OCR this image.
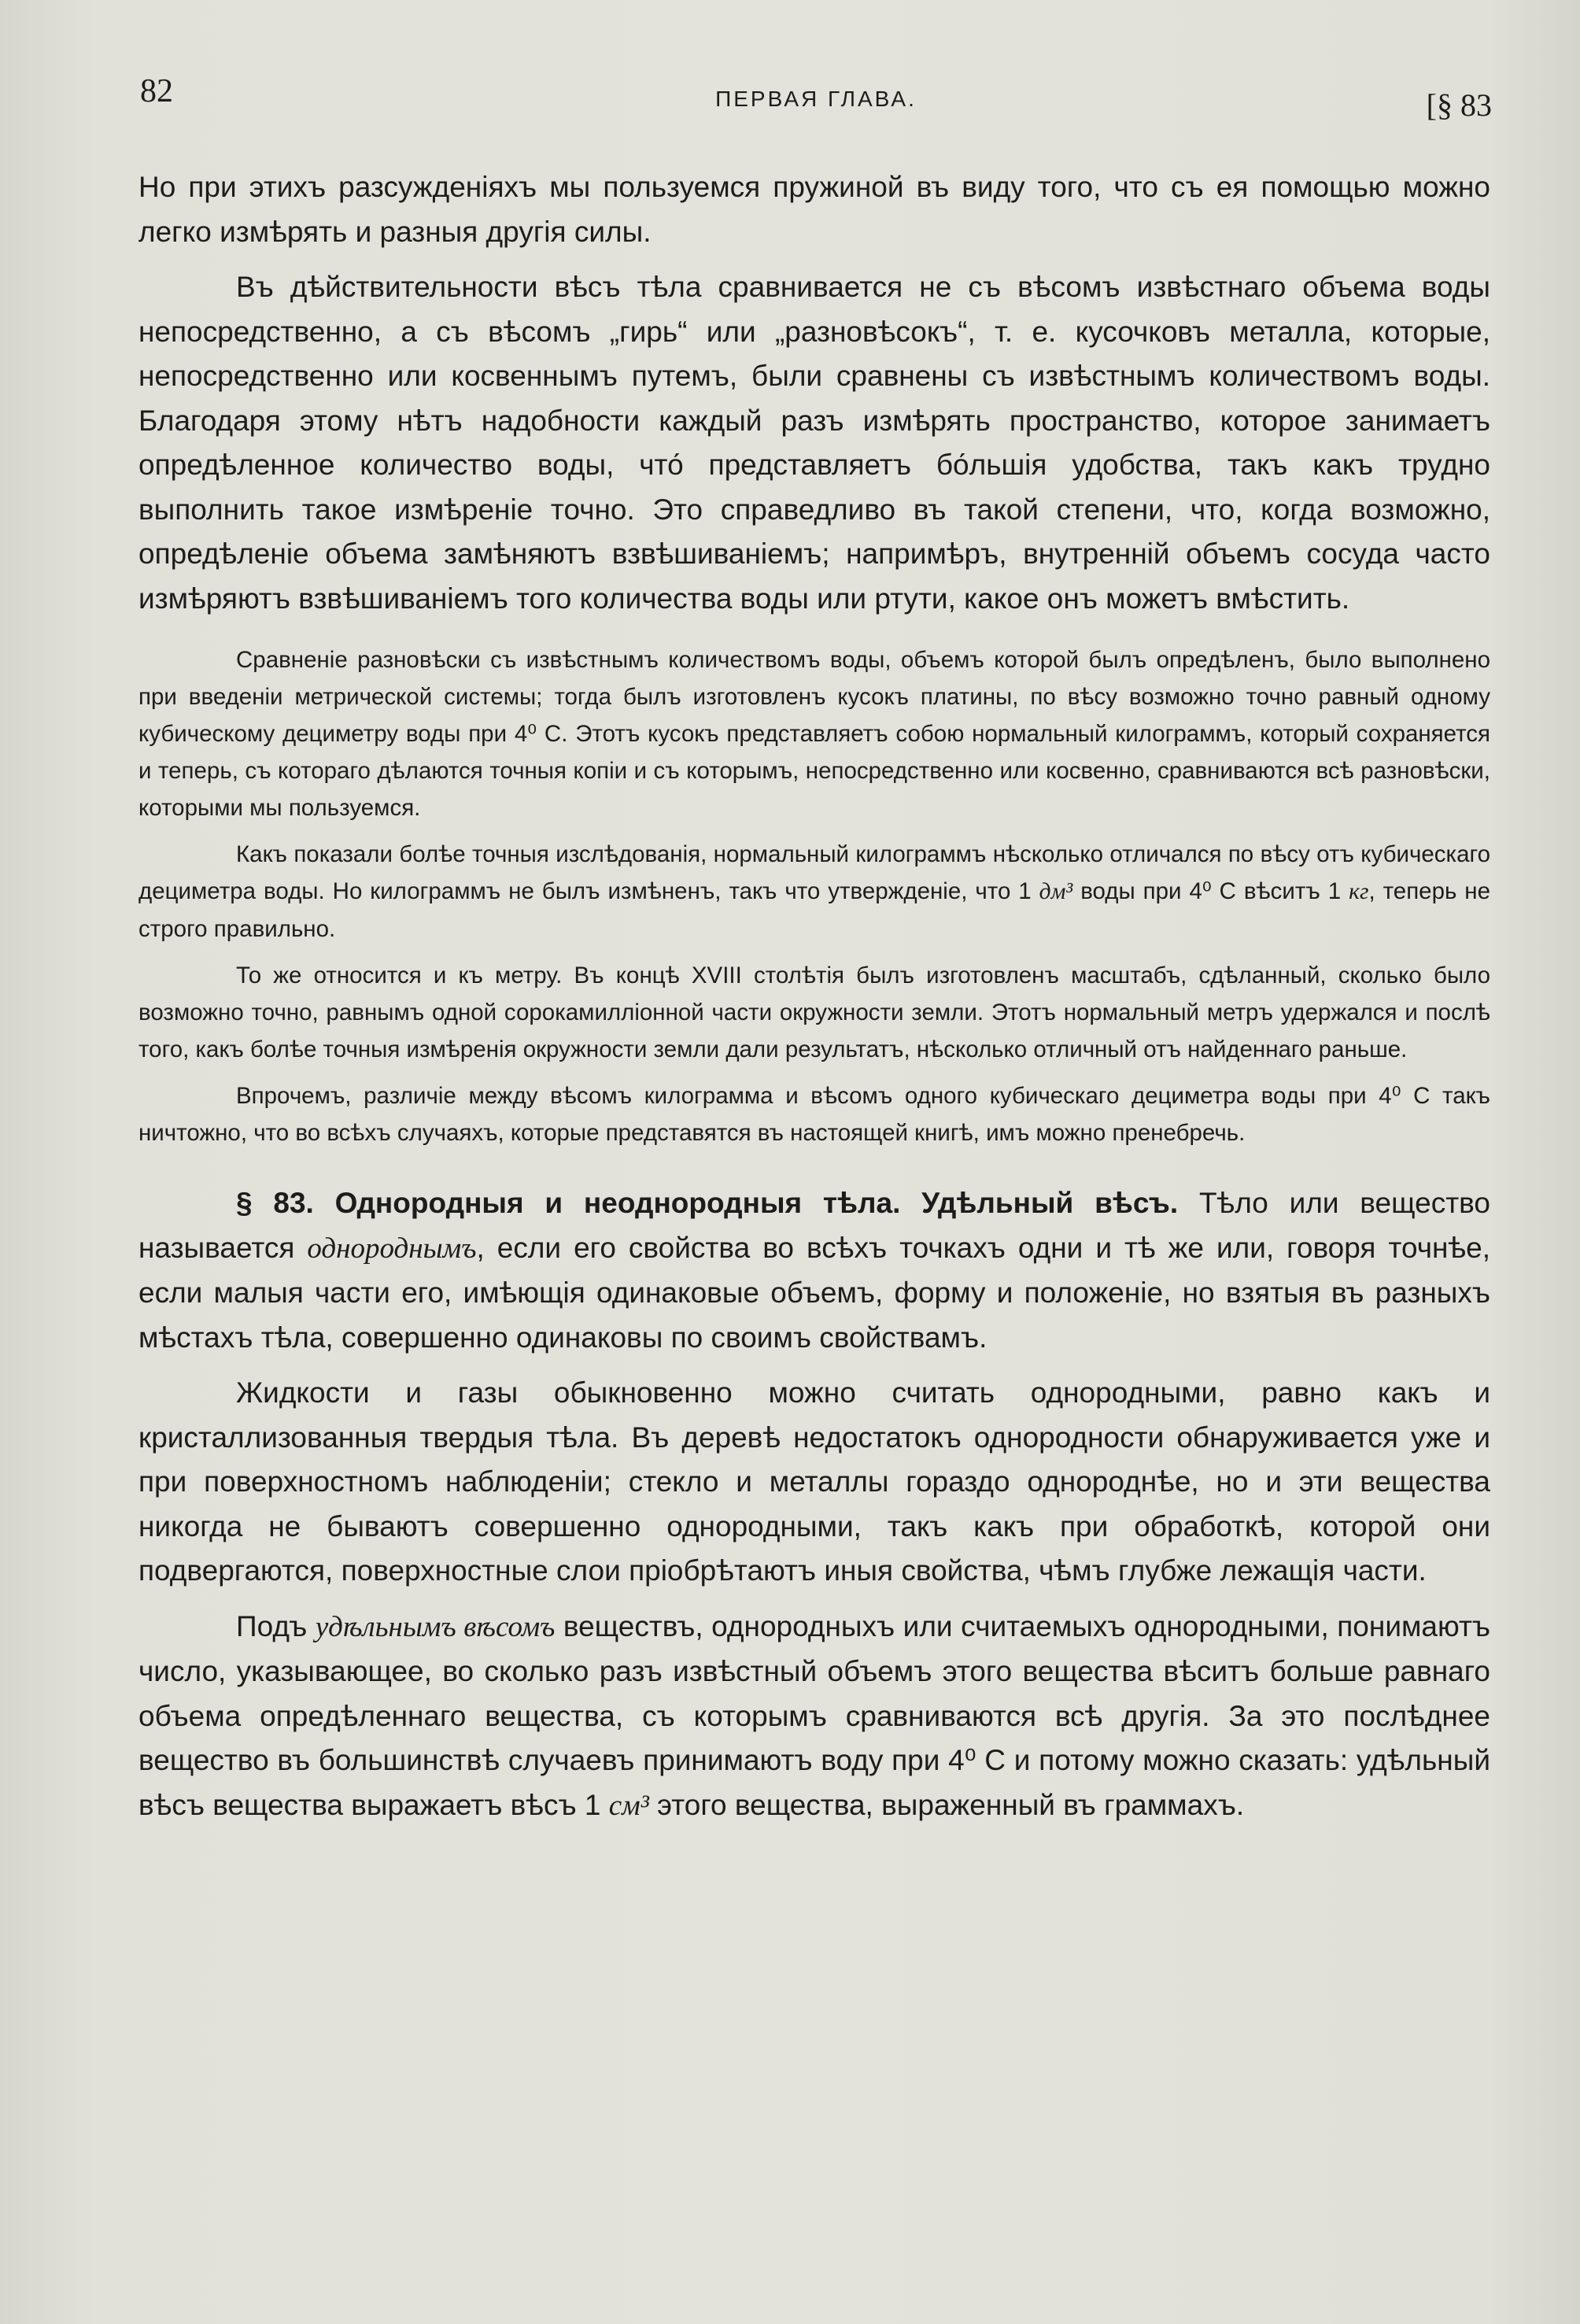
82	ПЕРВАЯ ГЛАВА.	[§ 83

Но при этихъ разсужденіяхъ мы пользуемся пружиной въ виду того, что съ ея помощью можно легко измѣрять и разныя другія силы.

Въ дѣйствительности вѣсъ тѣла сравнивается не съ вѣсомъ извѣстнаго объема воды непосредственно, а съ вѣсомъ „гирь“ или „разновѣсокъ“, т. е. кусочковъ металла, которые, непосредственно или косвеннымъ путемъ, были сравнены съ извѣстнымъ количествомъ воды. Благодаря этому нѣтъ надобности каждый разъ измѣрять пространство, которое занимаетъ опредѣленное количество воды, что́ представляетъ бо́льшія удобства, такъ какъ трудно выполнить такое измѣреніе точно. Это справедливо въ такой степени, что, когда возможно, опредѣленіе объема замѣняютъ взвѣшиваніемъ; напримѣръ, внутренній объемъ сосуда часто измѣряютъ взвѣшиваніемъ того количества воды или ртути, какое онъ можетъ вмѣстить.

Сравненіе разновѣски съ извѣстнымъ количествомъ воды, объемъ которой былъ опредѣленъ, было выполнено при введеніи метрической системы; тогда былъ изготовленъ кусокъ платины, по вѣсу возможно точно равный одному кубическому дециметру воды при 4⁰ С. Этотъ кусокъ представляетъ собою нормальный килограммъ, который сохраняется и теперь, съ котораго дѣлаются точныя копіи и съ которымъ, непосредственно или косвенно, сравниваются всѣ разновѣски, которыми мы пользуемся.

Какъ показали болѣе точныя изслѣдованія, нормальный килограммъ нѣсколько отличался по вѣсу отъ кубическаго дециметра воды. Но килограммъ не былъ измѣненъ, такъ что утвержденіе, что 1 дм³ воды при 4⁰ С вѣситъ 1 кг, теперь не строго правильно.

То же относится и къ метру. Въ концѣ XVIII столѣтія былъ изготовленъ масштабъ, сдѣланный, сколько было возможно точно, равнымъ одной сорокамилліонной части окружности земли. Этотъ нормальный метръ удержался и послѣ того, какъ болѣе точныя измѣренія окружности земли дали результатъ, нѣсколько отличный отъ найденнаго раньше.

Впрочемъ, различіе между вѣсомъ килограмма и вѣсомъ одного кубическаго дециметра воды при 4⁰ С такъ ничтожно, что во всѣхъ случаяхъ, которые представятся въ настоящей книгѣ, имъ можно пренебречь.

§ 83. Однородныя и неоднородныя тѣла. Удѣльный вѣсъ. Тѣло или вещество называется однороднымъ, если его свойства во всѣхъ точкахъ одни и тѣ же или, говоря точнѣе, если малыя части его, имѣющія одинаковые объемъ, форму и положеніе, но взятыя въ разныхъ мѣстахъ тѣла, совершенно одинаковы по своимъ свойствамъ.

Жидкости и газы обыкновенно можно считать однородными, равно какъ и кристаллизованныя твердыя тѣла. Въ деревѣ недостатокъ однородности обнаруживается уже и при поверхностномъ наблюденіи; стекло и металлы гораздо однороднѣе, но и эти вещества никогда не бываютъ совершенно однородными, такъ какъ при обработкѣ, которой они подвергаются, поверхностные слои пріобрѣтаютъ иныя свойства, чѣмъ глубже лежащія части.

Подъ удѣльнымъ вѣсомъ веществъ, однородныхъ или считаемыхъ однородными, понимаютъ число, указывающее, во сколько разъ извѣстный объемъ этого вещества вѣситъ больше равнаго объема опредѣленнаго вещества, съ которымъ сравниваются всѣ другія. За это послѣднее вещество въ большинствѣ случаевъ принимаютъ воду при 4⁰ С и потому можно сказать: удѣльный вѣсъ вещества выражаетъ вѣсъ 1 см³ этого вещества, выраженный въ граммахъ.
